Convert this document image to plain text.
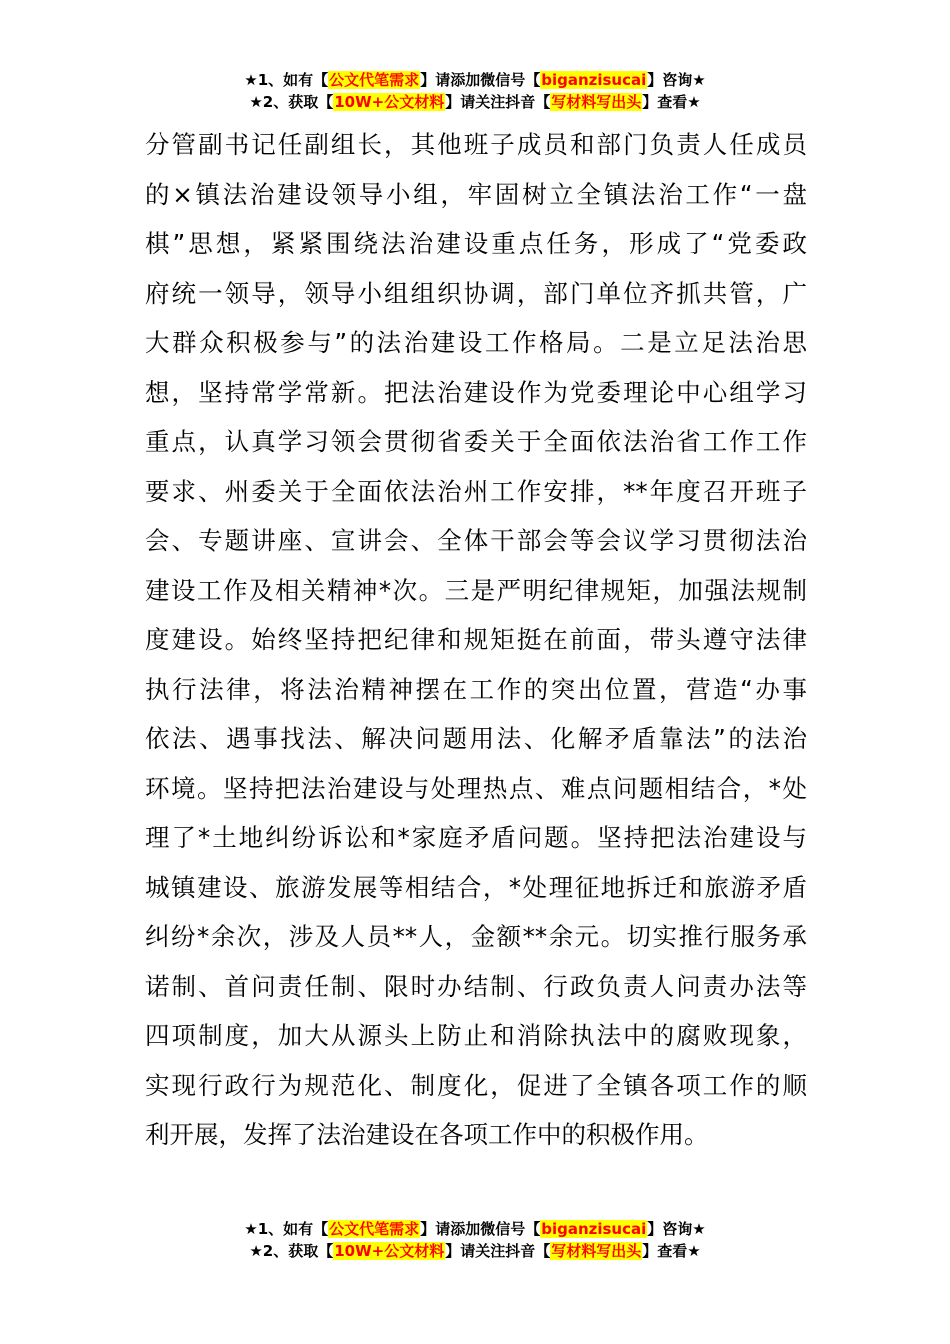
★1、如有【公文代笔需求】请添加微信号【biganzisucai】咨询★
★2、获取【10W+公文材料】请关注抖音【写材料写出头】查看★
分管副书记任副组长，其他班子成员和部门负责人任成员
的×镇法治建设领导小组，牢固树立全镇法治工作“一盘
棋”思想，紧紧围绕法治建设重点任务，形成了“党委政
府统一领导，领导小组组织协调，部门单位齐抓共管，广
大群众积极参与”的法治建设工作格局。二是立足法治思
想，坚持常学常新。把法治建设作为党委理论中心组学习
重点，认真学习领会贯彻省委关于全面依法治省工作工作
要求、州委关于全面依法治州工作安排，**年度召开班子
会、专题讲座、宣讲会、全体干部会等会议学习贯彻法治
建设工作及相关精神*次。三是严明纪律规矩，加强法规制
度建设。始终坚持把纪律和规矩挺在前面，带头遵守法律
执行法律，将法治精神摆在工作的突出位置，营造“办事
依法、遇事找法、解决问题用法、化解矛盾靠法”的法治
环境。坚持把法治建设与处理热点、难点问题相结合，*处
理了*土地纠纷诉讼和*家庭矛盾问题。坚持把法治建设与
城镇建设、旅游发展等相结合，*处理征地拆迁和旅游矛盾
纠纷*余次，涉及人员**人，金额**余元。切实推行服务承
诺制、首问责任制、限时办结制、行政负责人问责办法等
四项制度，加大从源头上防止和消除执法中的腐败现象，
实现行政行为规范化、制度化，促进了全镇各项工作的顺
利开展，发挥了法治建设在各项工作中的积极作用。
★1、如有【公文代笔需求】请添加微信号【biganzisucai】咨询★
★2、获取【10W+公文材料】请关注抖音【写材料写出头】查看★
